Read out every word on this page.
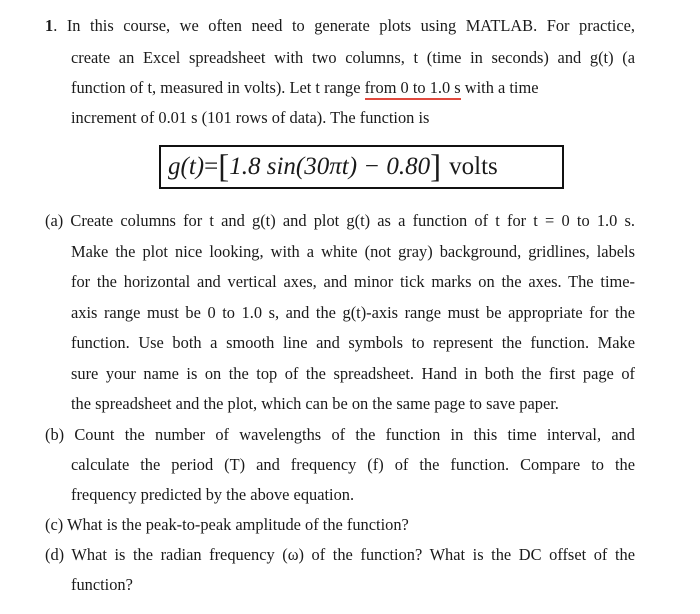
1. In this course, we often need to generate plots using MATLAB. For practice,
create an Excel spreadsheet with two columns, t (time in seconds) and g(t) (a
function of t, measured in volts). Let t range from 0 to 1.0 s with a time
increment of 0.01 s (101 rows of data). The function is
g(t)=[1.8 sin(30πt) − 0.80] volts
(a) Create columns for t and g(t) and plot g(t) as a function of t for t = 0 to 1.0 s.
Make the plot nice looking, with a white (not gray) background, gridlines, labels
for the horizontal and vertical axes, and minor tick marks on the axes. The time-
axis range must be 0 to 1.0 s, and the g(t)-axis range must be appropriate for the
function. Use both a smooth line and symbols to represent the function. Make
sure your name is on the top of the spreadsheet. Hand in both the first page of
the spreadsheet and the plot, which can be on the same page to save paper.
(b) Count the number of wavelengths of the function in this time interval, and
calculate the period (T) and frequency (f) of the function. Compare to the
frequency predicted by the above equation.
(c) What is the peak-to-peak amplitude of the function?
(d) What is the radian frequency (ω) of the function? What is the DC offset of the
function?
